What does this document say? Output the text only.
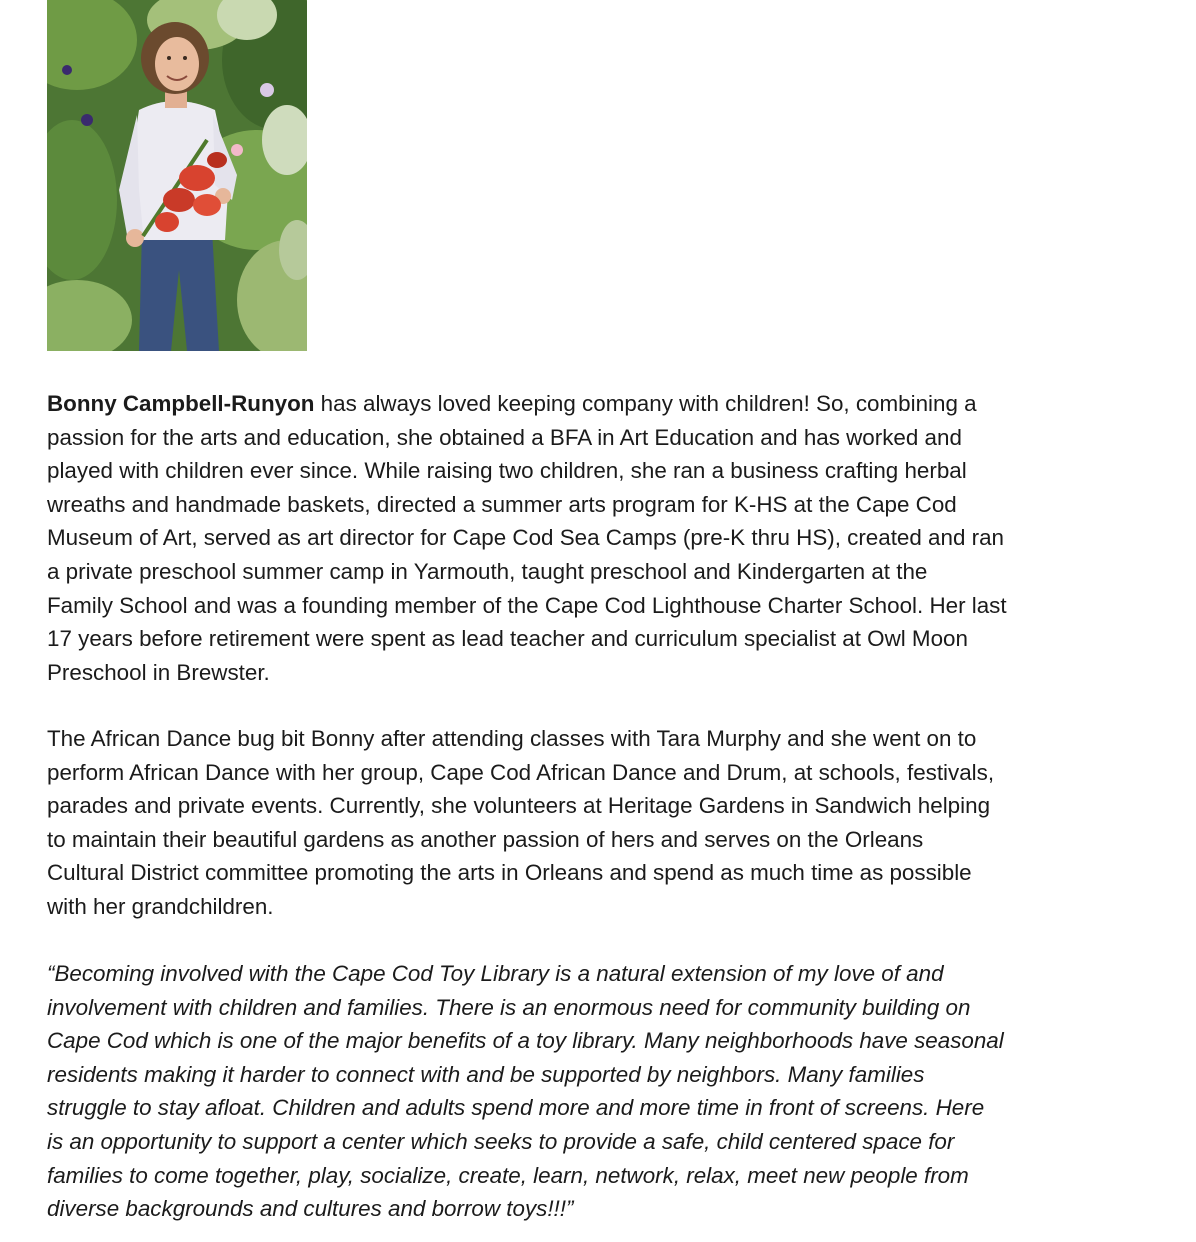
Bonny Campbell-Runyon has always loved keeping company with children! So, combining a
passion for the arts and education, she obtained a BFA in Art Education and has worked and
played with children ever since. While raising two children, she ran a business crafting herbal
wreaths and handmade baskets, directed a summer arts program for K-HS at the Cape Cod
Museum of Art, served as art director for Cape Cod Sea Camps (pre-K thru HS), created and ran
a private preschool summer camp in Yarmouth, taught preschool and Kindergarten at the
Family School and was a founding member of the Cape Cod Lighthouse Charter School. Her last
17 years before retirement were spent as lead teacher and curriculum specialist at Owl Moon
Preschool in Brewster.

The African Dance bug bit Bonny after attending classes with Tara Murphy and she went on to
perform African Dance with her group, Cape Cod African Dance and Drum, at schools, festivals,
parades and private events. Currently, she volunteers at Heritage Gardens in Sandwich helping
to maintain their beautiful gardens as another passion of hers and serves on the Orleans
Cultural District committee promoting the arts in Orleans and spend as much time as possible
with her grandchildren.

“Becoming involved with the Cape Cod Toy Library is a natural extension of my love of and
involvement with children and families. There is an enormous need for community building on
Cape Cod which is one of the major benefits of a toy library. Many neighborhoods have seasonal
residents making it harder to connect with and be supported by neighbors. Many families
struggle to stay afloat. Children and adults spend more and more time in front of screens. Here
is an opportunity to support a center which seeks to provide a safe, child centered space for
families to come together, play, socialize, create, learn, network, relax, meet new people from
diverse backgrounds and cultures and borrow toys!!!”
